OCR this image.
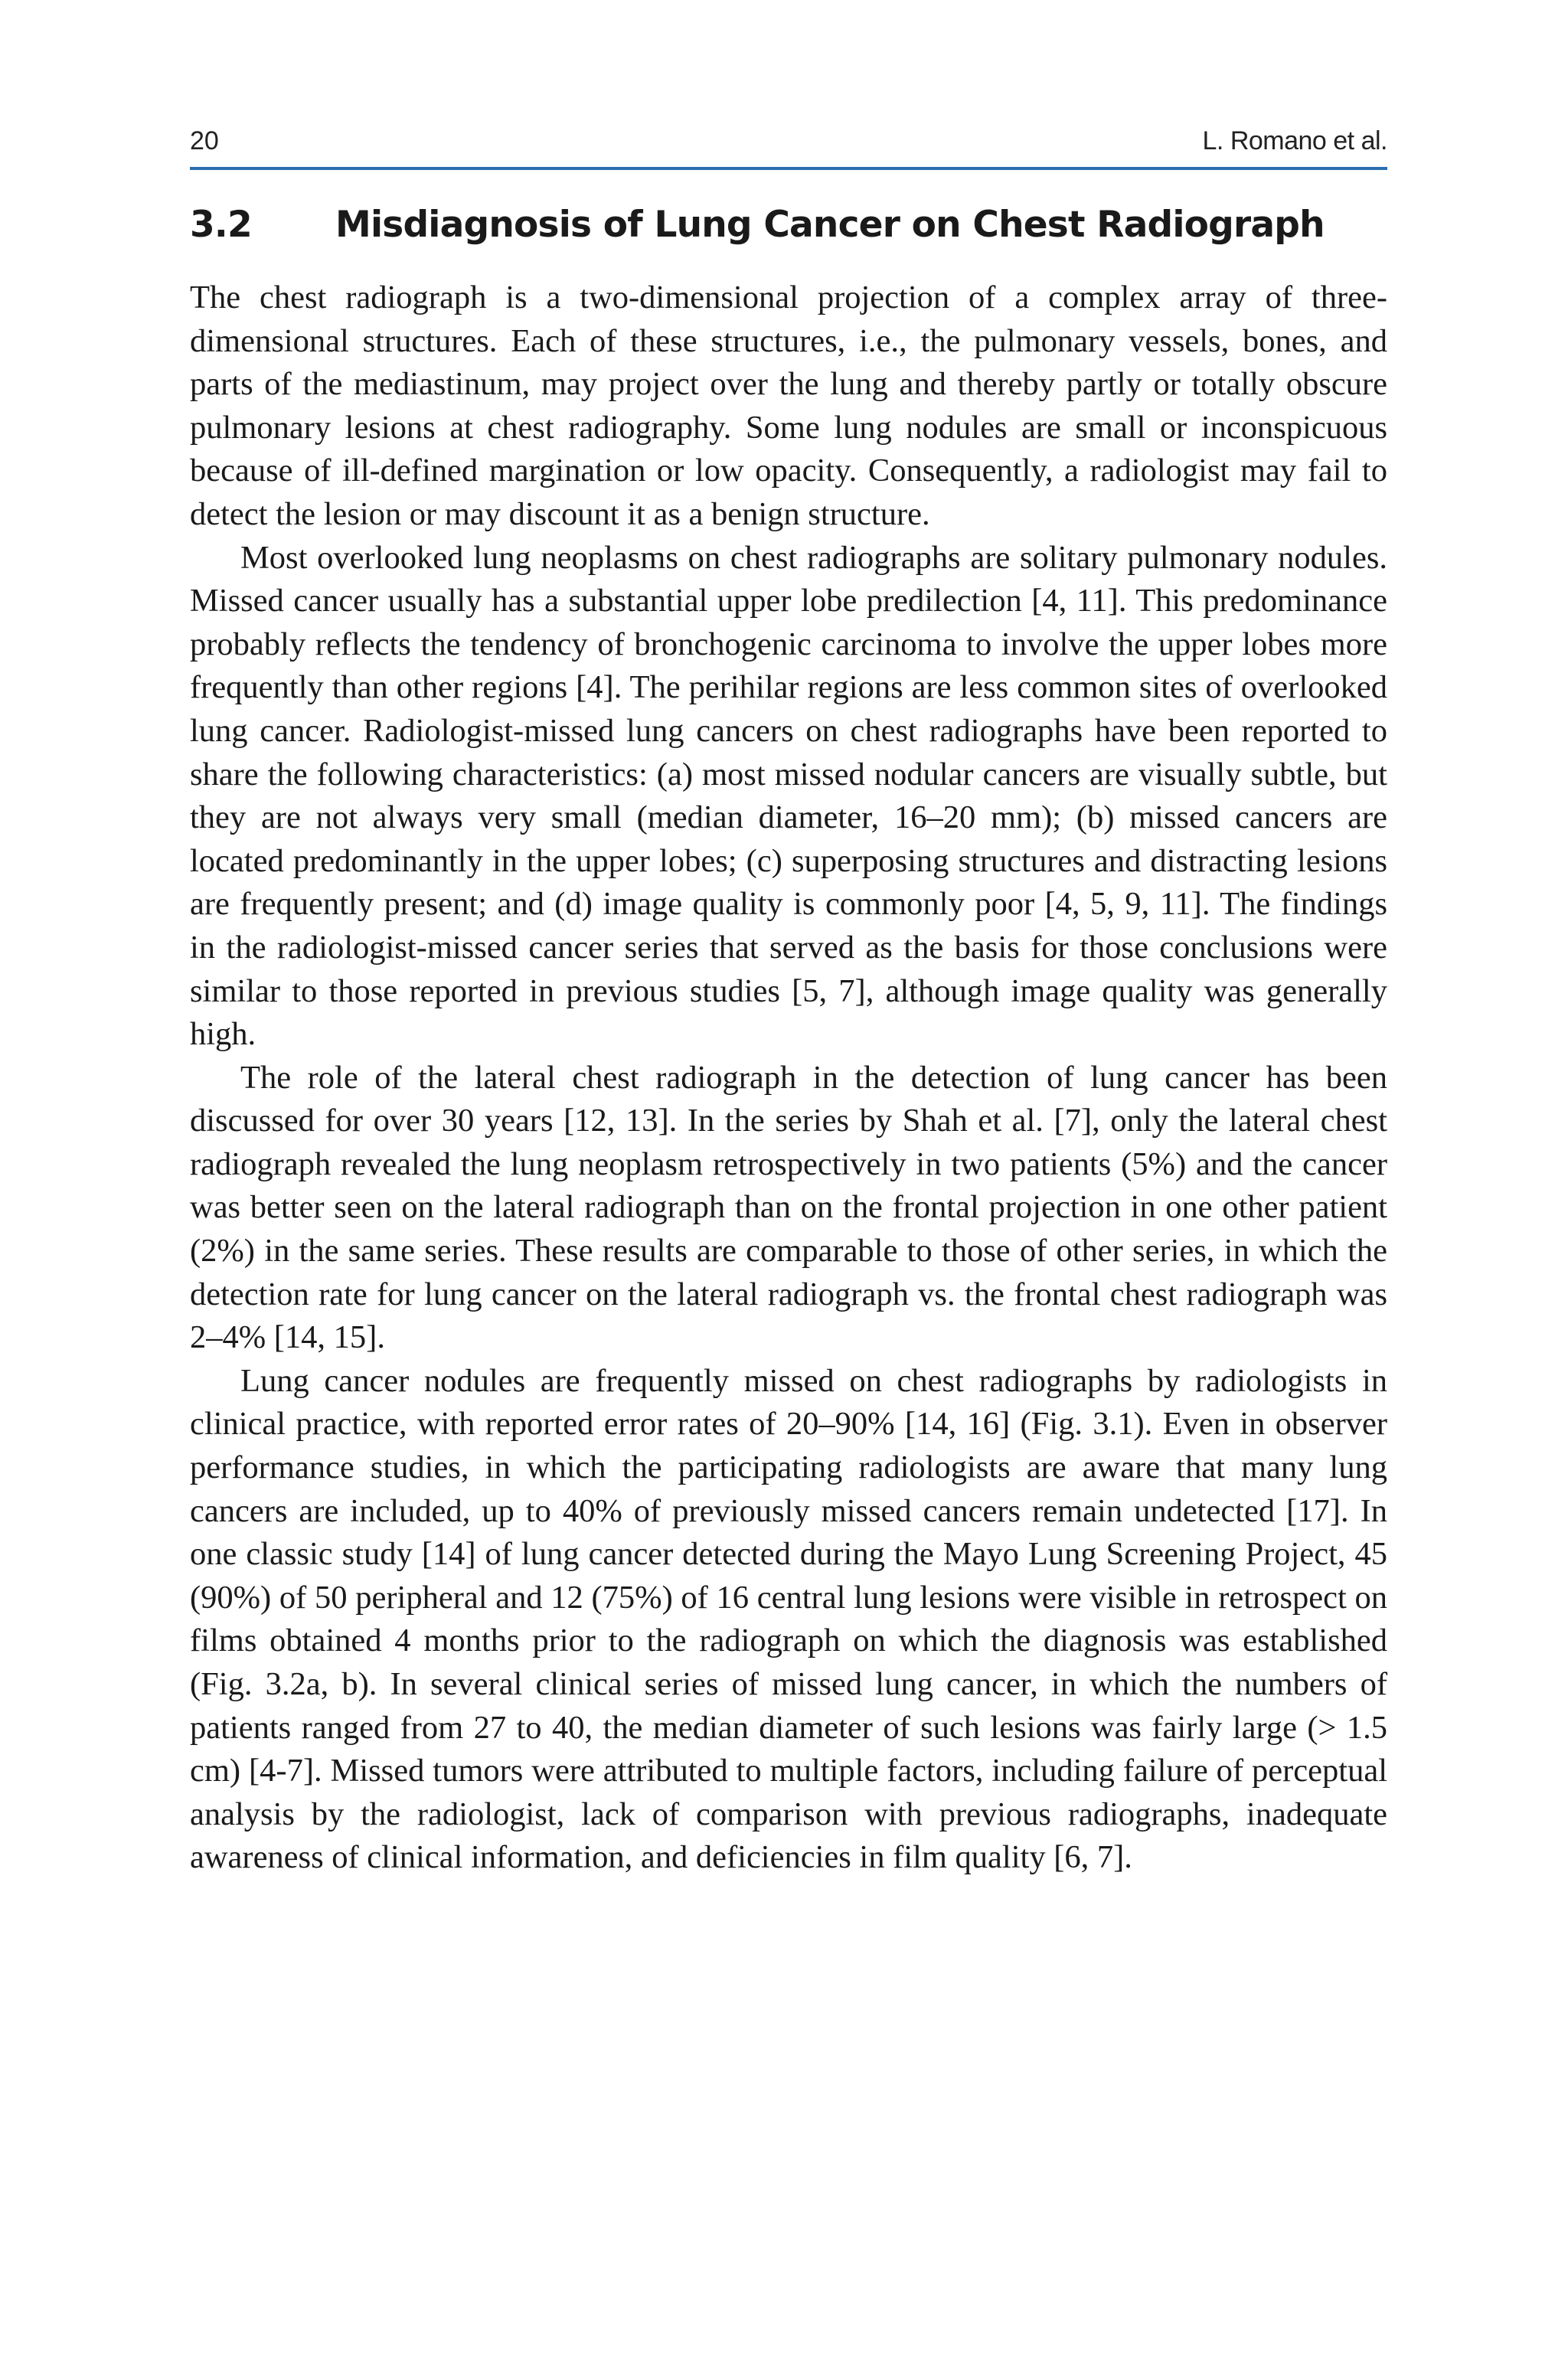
20	L. Romano et al.
3.2	Misdiagnosis of Lung Cancer on Chest Radiograph

The chest radiograph is a two-dimensional projection of a complex array of three-dimensional structures. Each of these structures, i.e., the pulmonary vessels, bones, and parts of the mediastinum, may project over the lung and thereby partly or totally obscure pulmonary lesions at chest radiography. Some lung nodules are small or inconspicuous because of ill-defined margination or low opacity. Consequently, a radiologist may fail to detect the lesion or may discount it as a benign structure.

Most overlooked lung neoplasms on chest radiographs are solitary pulmonary nodules. Missed cancer usually has a substantial upper lobe predilection [4, 11]. This predominance probably reflects the tendency of bronchogenic carcinoma to involve the upper lobes more frequently than other regions [4]. The perihilar regions are less common sites of overlooked lung cancer. Radiologist-missed lung cancers on chest radiographs have been reported to share the following characteristics: (a) most missed nodular cancers are visually subtle, but they are not always very small (median diameter, 16–20 mm); (b) missed cancers are located predominantly in the upper lobes; (c) superposing structures and distracting lesions are frequently present; and (d) image quality is commonly poor [4, 5, 9, 11]. The findings in the radiologist-missed cancer series that served as the basis for those conclusions were similar to those reported in previous studies [5, 7], although image quality was generally high.

The role of the lateral chest radiograph in the detection of lung cancer has been discussed for over 30 years [12, 13]. In the series by Shah et al. [7], only the lateral chest radiograph revealed the lung neoplasm retrospectively in two patients (5%) and the cancer was better seen on the lateral radiograph than on the frontal projection in one other patient (2%) in the same series. These results are comparable to those of other series, in which the detection rate for lung cancer on the lateral radiograph vs. the frontal chest radiograph was 2–4% [14, 15].

Lung cancer nodules are frequently missed on chest radiographs by radiologists in clinical practice, with reported error rates of 20–90% [14, 16] (Fig. 3.1). Even in observer performance studies, in which the participating radiologists are aware that many lung cancers are included, up to 40% of previously missed cancers remain undetected [17]. In one classic study [14] of lung cancer detected during the Mayo Lung Screening Project, 45 (90%) of 50 peripheral and 12 (75%) of 16 central lung lesions were visible in retrospect on films obtained 4 months prior to the radiograph on which the diagnosis was established (Fig. 3.2a, b). In several clinical series of missed lung cancer, in which the numbers of patients ranged from 27 to 40, the median diameter of such lesions was fairly large (> 1.5 cm) [4-7]. Missed tumors were attributed to multiple factors, including failure of perceptual analysis by the radiologist, lack of comparison with previous radiographs, inadequate awareness of clinical information, and deficiencies in film quality [6, 7].
